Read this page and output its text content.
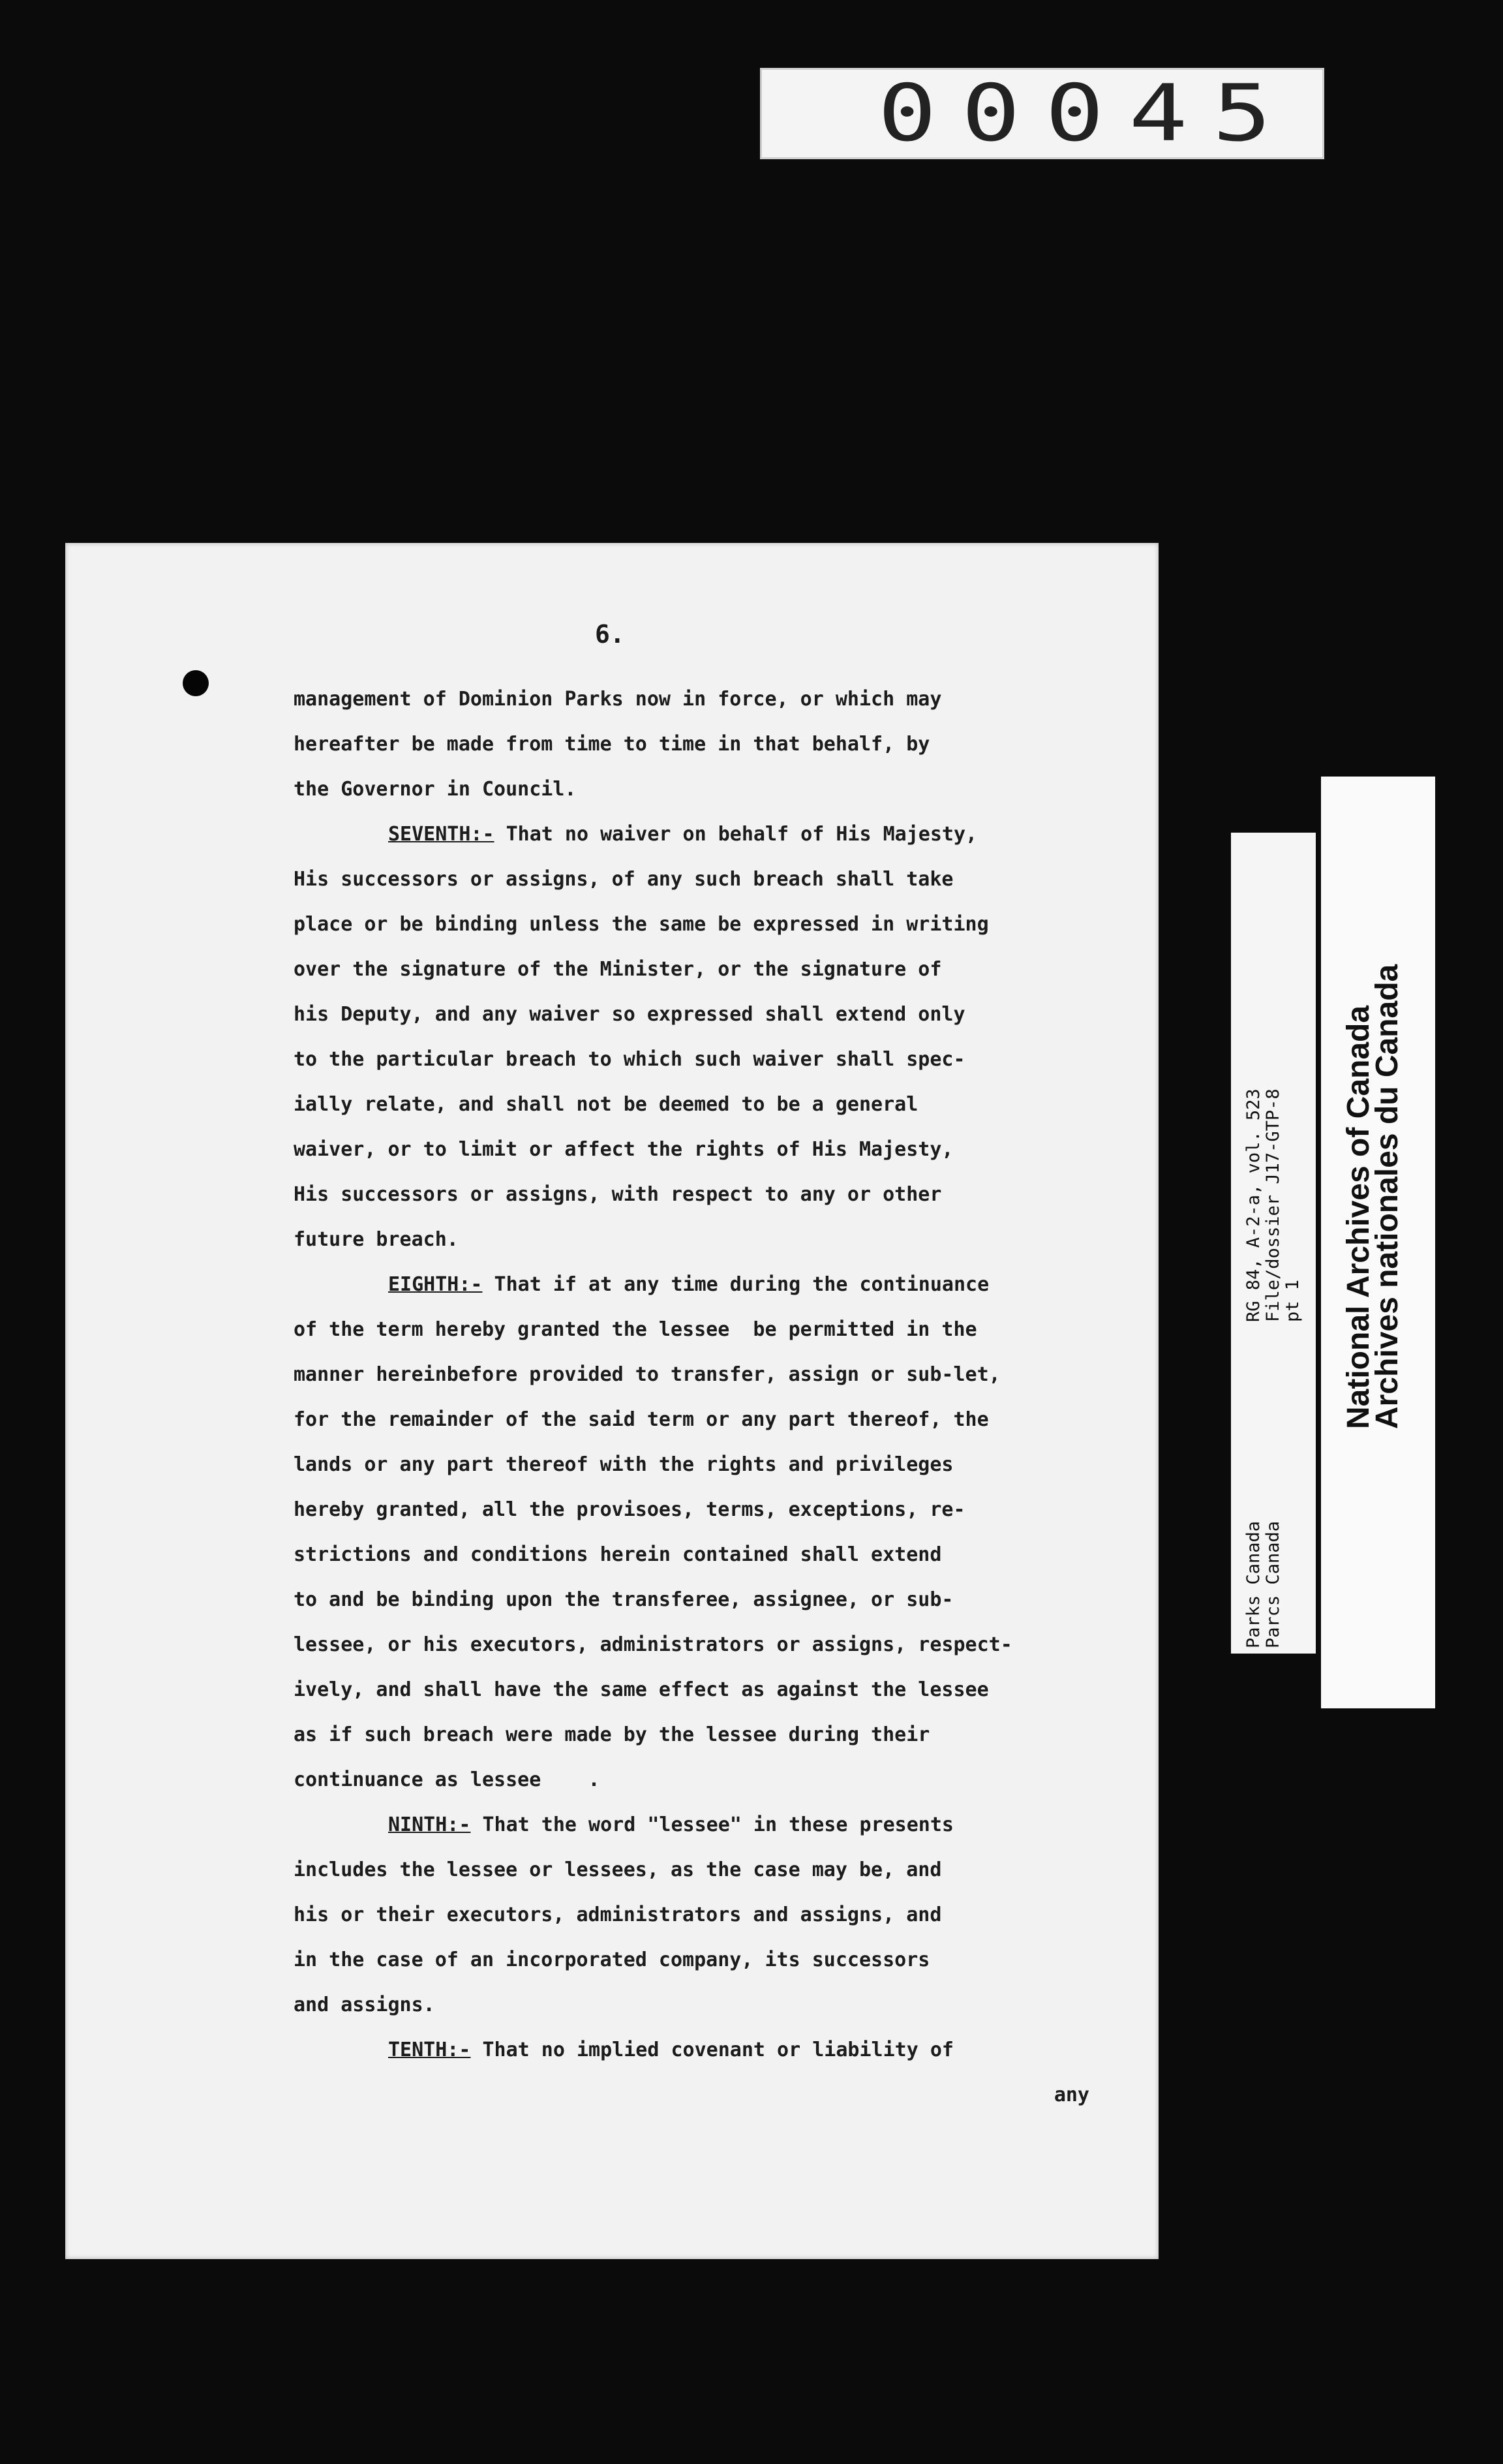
00045
6.
management of Dominion Parks now in force, or which may
hereafter be made from time to time in that behalf, by
the Governor in Council.
SEVENTH:- That no waiver on behalf of His Majesty,
His successors or assigns, of any such breach shall take
place or be binding unless the same be expressed in writing
over the signature of the Minister, or the signature of
his Deputy, and any waiver so expressed shall extend only
to the particular breach to which such waiver shall spec-
ially relate, and shall not be deemed to be a general
waiver, or to limit or affect the rights of His Majesty,
His successors or assigns, with respect to any or other
future breach.
EIGHTH:- That if at any time during the continuance
of the term hereby granted the lessee  be permitted in the
manner hereinbefore provided to transfer, assign or sub-let,
for the remainder of the said term or any part thereof, the
lands or any part thereof with the rights and privileges
hereby granted, all the provisoes, terms, exceptions, re-
strictions and conditions herein contained shall extend
to and be binding upon the transferee, assignee, or sub-
lessee, or his executors, administrators or assigns, respect-
ively, and shall have the same effect as against the lessee
as if such breach were made by the lessee during their
continuance as lessee    .
NINTH:- That the word "lessee" in these presents
includes the lessee or lessees, as the case may be, and
his or their executors, administrators and assigns, and
in the case of an incorporated company, its successors
and assigns.
TENTH:- That no implied covenant or liability of
any
RG 84, A-2-a, vol. 523
File/dossier J17-GTP-8
pt 1
Parks Canada
Parcs Canada
National Archives of Canada
Archives nationales du Canada
